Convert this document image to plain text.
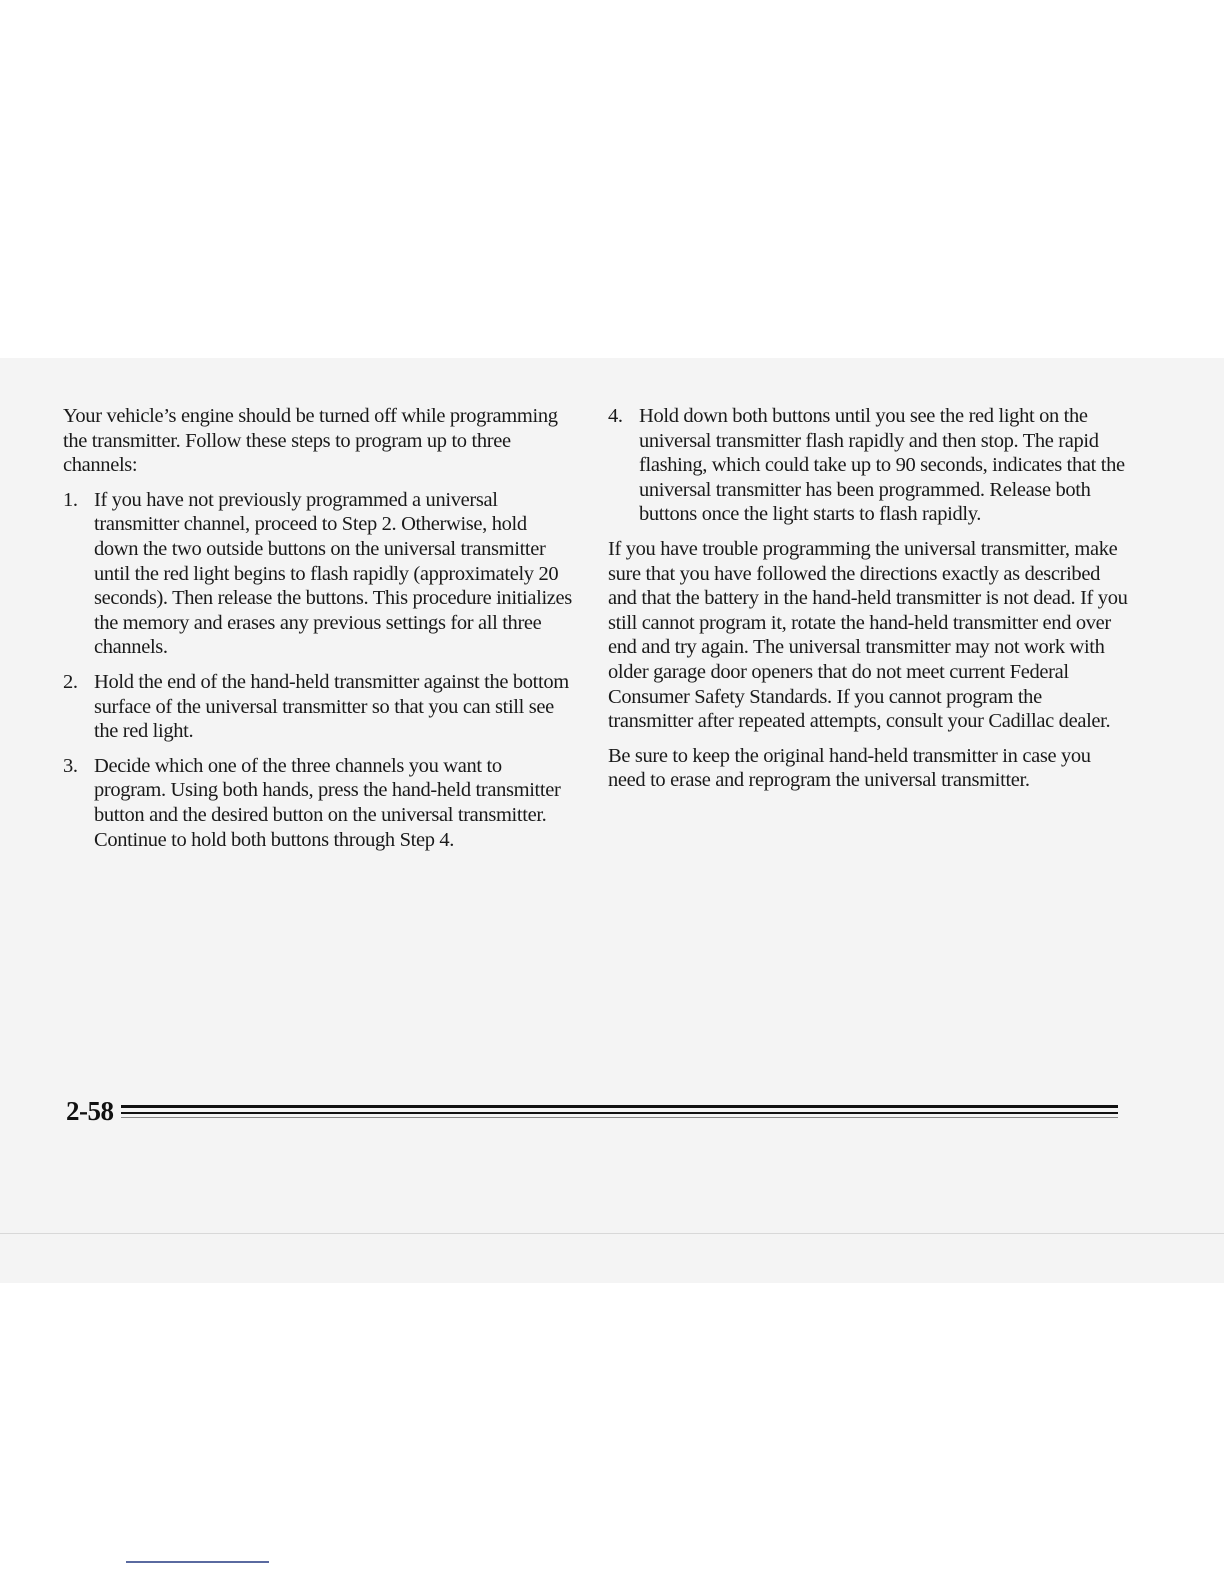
Your vehicle’s engine should be turned off while programming the transmitter. Follow these steps to program up to three channels:

1. If you have not previously programmed a universal transmitter channel, proceed to Step 2. Otherwise, hold down the two outside buttons on the universal transmitter until the red light begins to flash rapidly (approximately 20 seconds). Then release the buttons. This procedure initializes the memory and erases any previous settings for all three channels.
2. Hold the end of the hand-held transmitter against the bottom surface of the universal transmitter so that you can still see the red light.
3. Decide which one of the three channels you want to program. Using both hands, press the hand-held transmitter button and the desired button on the universal transmitter. Continue to hold both buttons through Step 4.
4. Hold down both buttons until you see the red light on the universal transmitter flash rapidly and then stop. The rapid flashing, which could take up to 90 seconds, indicates that the universal transmitter has been programmed. Release both buttons once the light starts to flash rapidly.

If you have trouble programming the universal transmitter, make sure that you have followed the directions exactly as described and that the battery in the hand-held transmitter is not dead. If you still cannot program it, rotate the hand-held transmitter end over end and try again. The universal transmitter may not work with older garage door openers that do not meet current Federal Consumer Safety Standards. If you cannot program the transmitter after repeated attempts, consult your Cadillac dealer.

Be sure to keep the original hand-held transmitter in case you need to erase and reprogram the universal transmitter.

2-58
